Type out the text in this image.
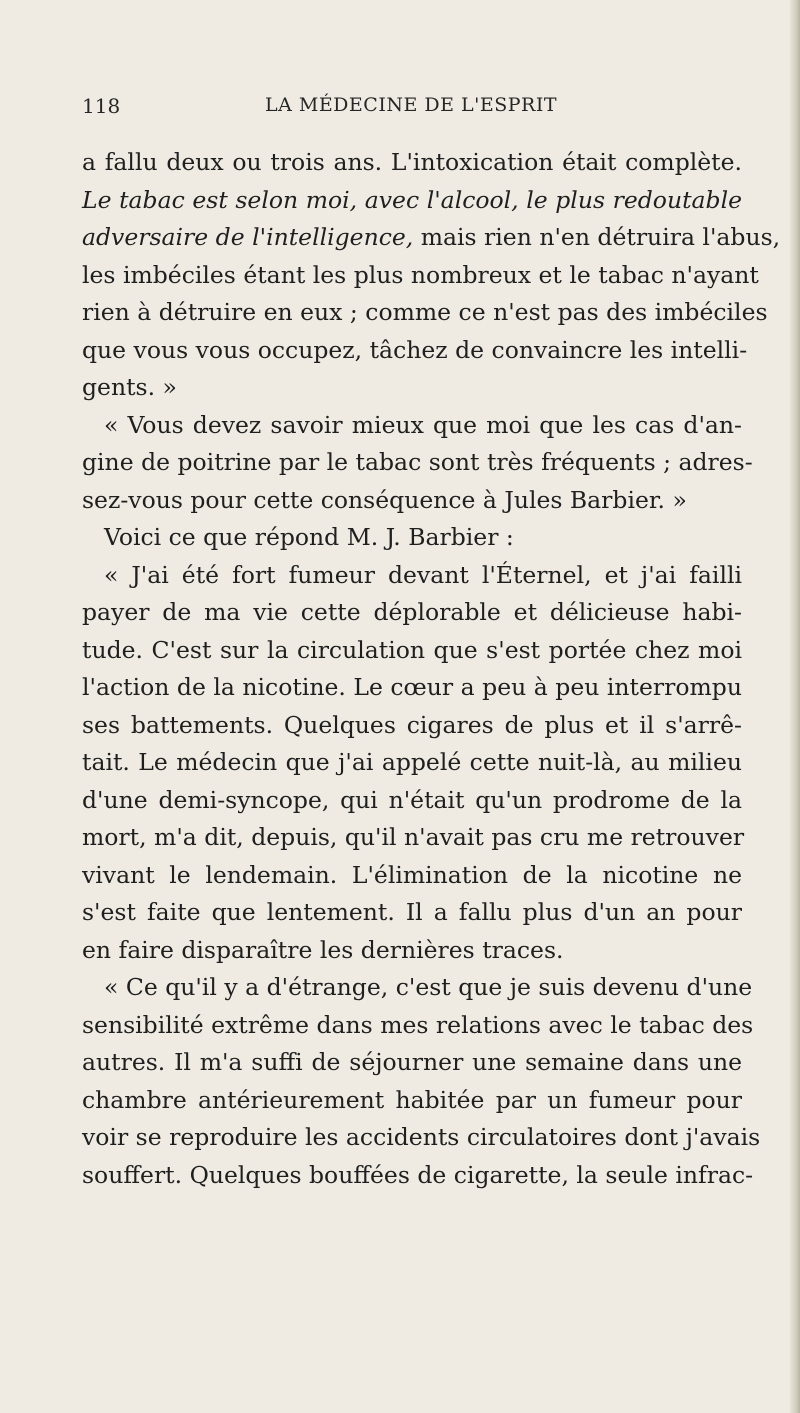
118	LA MÉDECINE DE L'ESPRIT
a fallu deux ou trois ans. L'intoxication était complète.
Le tabac est selon moi, avec l'alcool, le plus redoutable
adversaire de l'intelligence, mais rien n'en détruira l'abus,
les imbéciles étant les plus nombreux et le tabac n'ayant
rien à détruire en eux ; comme ce n'est pas des imbéciles
que vous vous occupez, tâchez de convaincre les intelli-
gents. »
« Vous devez savoir mieux que moi que les cas d'an-
gine de poitrine par le tabac sont très fréquents ; adres-
sez-vous pour cette conséquence à Jules Barbier. »
Voici ce que répond M. J. Barbier :
« J'ai été fort fumeur devant l'Éternel, et j'ai failli
payer de ma vie cette déplorable et délicieuse habi-
tude. C'est sur la circulation que s'est portée chez moi
l'action de la nicotine. Le cœur a peu à peu interrompu
ses battements. Quelques cigares de plus et il s'arrê-
tait. Le médecin que j'ai appelé cette nuit-là, au milieu
d'une demi-syncope, qui n'était qu'un prodrome de la
mort, m'a dit, depuis, qu'il n'avait pas cru me retrouver
vivant le lendemain. L'élimination de la nicotine ne
s'est faite que lentement. Il a fallu plus d'un an pour
en faire disparaître les dernières traces.
« Ce qu'il y a d'étrange, c'est que je suis devenu d'une
sensibilité extrême dans mes relations avec le tabac des
autres. Il m'a suffi de séjourner une semaine dans une
chambre antérieurement habitée par un fumeur pour
voir se reproduire les accidents circulatoires dont j'avais
souffert. Quelques bouffées de cigarette, la seule infrac-
